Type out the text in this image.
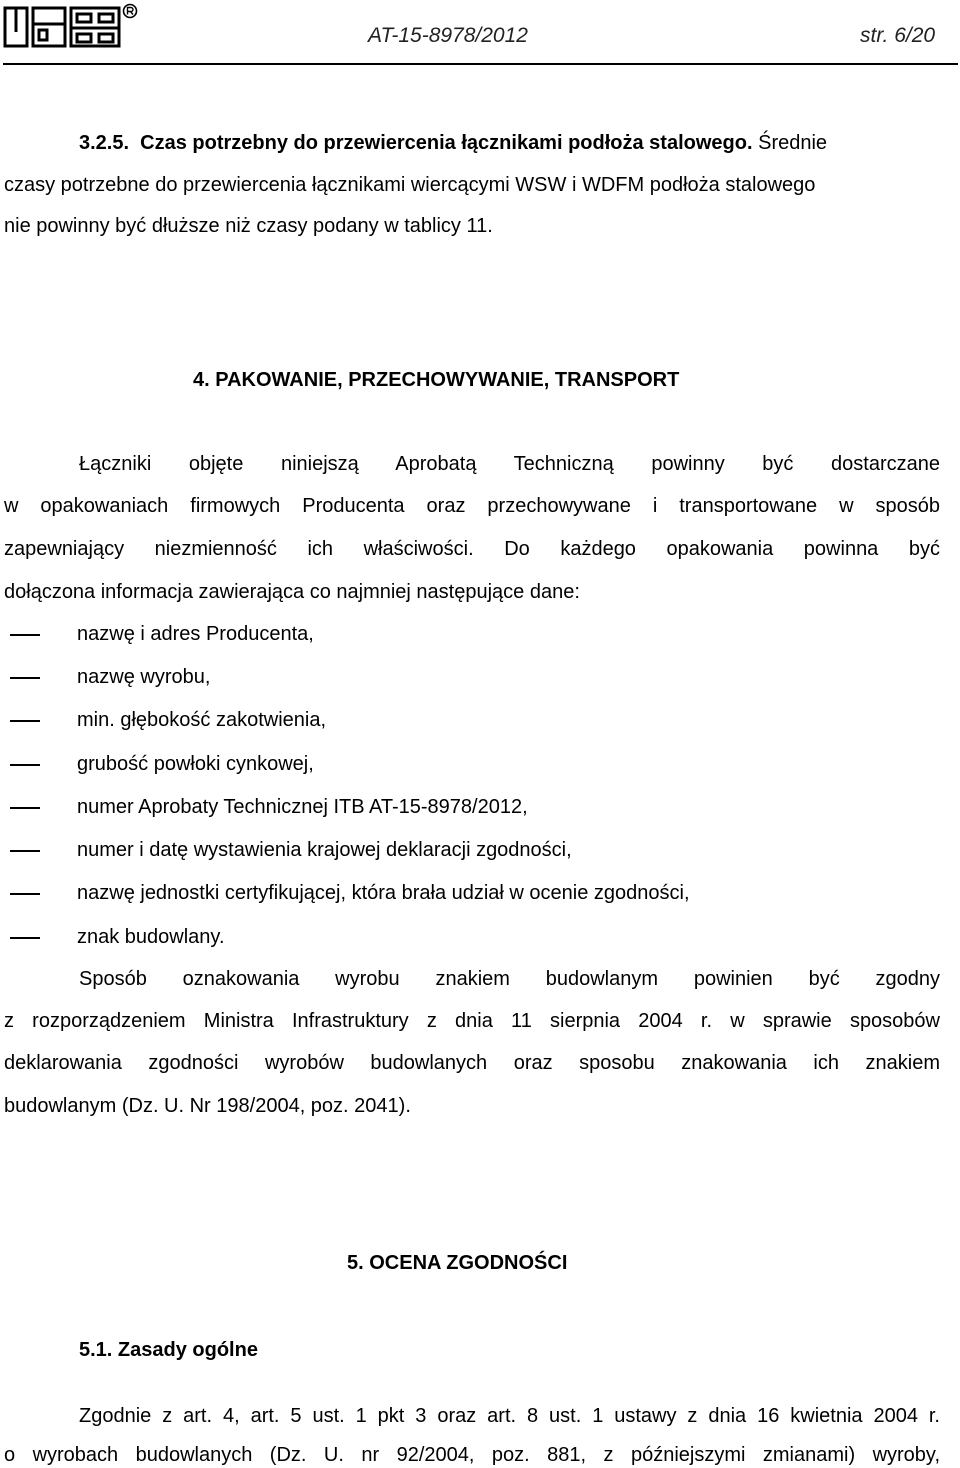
AT-15-8978/2012	str. 6/20
3.2.5. Czas potrzebny do przewiercenia łącznikami podłoża stalowego. Średnie
czasy potrzebne do przewiercenia łącznikami wiercącymi WSW i WDFM podłoża stalowego
nie powinny być dłuższe niż czasy podany w tablicy 11.
4. PAKOWANIE, PRZECHOWYWANIE, TRANSPORT
Łączniki objęte niniejszą Aprobatą Techniczną powinny być dostarczane
w opakowaniach firmowych Producenta oraz przechowywane i transportowane w sposób
zapewniający niezmienność ich właściwości. Do każdego opakowania powinna być
dołączona informacja zawierająca co najmniej następujące dane:
nazwę i adres Producenta,
nazwę wyrobu,
min. głębokość zakotwienia,
grubość powłoki cynkowej,
numer Aprobaty Technicznej ITB AT-15-8978/2012,
numer i datę wystawienia krajowej deklaracji zgodności,
nazwę jednostki certyfikującej, która brała udział w ocenie zgodności,
znak budowlany.
Sposób oznakowania wyrobu znakiem budowlanym powinien być zgodny
z rozporządzeniem Ministra Infrastruktury z dnia 11 sierpnia 2004 r. w sprawie sposobów
deklarowania zgodności wyrobów budowlanych oraz sposobu znakowania ich znakiem
budowlanym (Dz. U. Nr 198/2004, poz. 2041).
5. OCENA ZGODNOŚCI
5.1. Zasady ogólne
Zgodnie z art. 4, art. 5 ust. 1 pkt 3 oraz art. 8 ust. 1 ustawy z dnia 16 kwietnia 2004 r.
o wyrobach budowlanych (Dz. U. nr 92/2004, poz. 881, z późniejszymi zmianami) wyroby,
